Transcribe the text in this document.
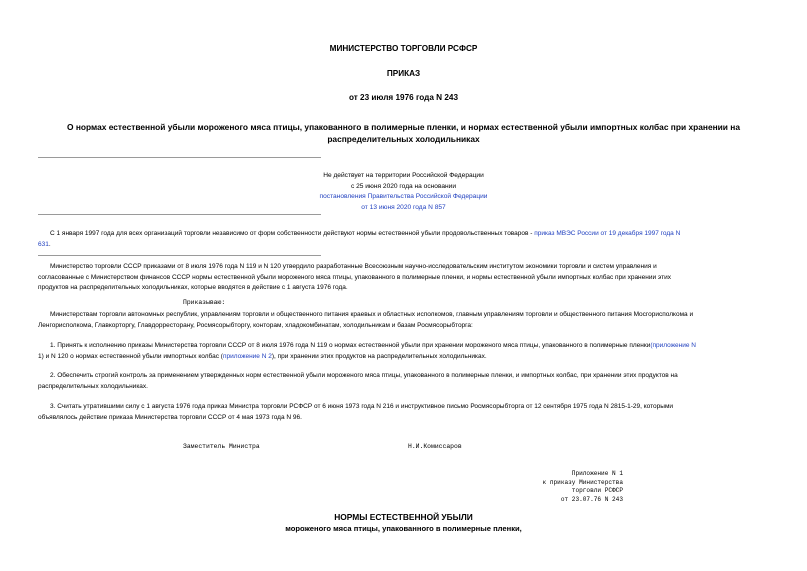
МИНИСТЕРСТВО ТОРГОВЛИ РСФСР
ПРИКАЗ
от 23 июля 1976 года N 243
О нормах естественной убыли мороженого мяса птицы, упакованного в полимерные пленки, и нормах естественной убыли импортных колбас при хранении на
распределительных холодильниках
Не действует на территории Российской Федерации
с 25 июня 2020 года на основании
постановления Правительства Российской Федерации
от 13 июня 2020 года N 857
С 1 января 1997 года для всех организаций торговли независимо от форм собственности действуют нормы естественной убыли продовольственных товаров - приказ МВЭС России от 19 декабря 1997 года N
631.
Министерство торговли СССР приказами от 8 июля 1976 года N 119 и N 120 утвердило разработанные Всесоюзным научно-исследовательским институтом экономики торговли и систем управления и
согласованные с Министерством финансов СССР нормы естественной убыли мороженого мяса птицы, упакованного в полимерные пленки, и нормы естественной убыли импортных колбас при хранении этих
продуктов на распределительных холодильниках, которые вводятся в действие с 1 августа 1976 года.
Приказываю:
Министерствам торговли автономных республик, управлениям торговли и общественного питания краевых и областных исполкомов, главным управлениям торговли и общественного питания Мосгорисполкома и
Ленгорисполкома, Главкорторгу, Главдорресторану, Росмясорыбторгу, конторам, хладокомбинатам, холодильникам и базам Росмясорыбторга:
1. Принять к исполнению приказы Министерства торговли СССР от 8 июля 1976 года N 119 о нормах естественной убыли при хранении мороженого мяса птицы, упакованного в полимерные пленки(приложение N
1) и N 120 о нормах естественной убыли импортных колбас (приложение N 2), при хранении этих продуктов на распределительных холодильниках.
2. Обеспечить строгий контроль за применением утвержденных норм естественной убыли мороженого мяса птицы, упакованного в полимерные пленки, и импортных колбас, при хранении этих продуктов на
распределительных холодильниках.
3. Считать утратившими силу с 1 августа 1976 года приказ Министра торговли РСФСР от 6 июня 1973 года N 216 и инструктивное письмо Росмясорыбторга от 12 сентября 1975 года N 2815-1-29, которыми
объявлялось действие приказа Министерства торговли СССР от 4 мая 1973 года N 96.
Заместитель Министра	Н.И.Комиссаров
Приложение N 1
к приказу Министерства
торговли РСФСР
от 23.07.76 N 243
НОРМЫ ЕСТЕСТВЕННОЙ УБЫЛИ
мороженого мяса птицы, упакованного в полимерные пленки,
